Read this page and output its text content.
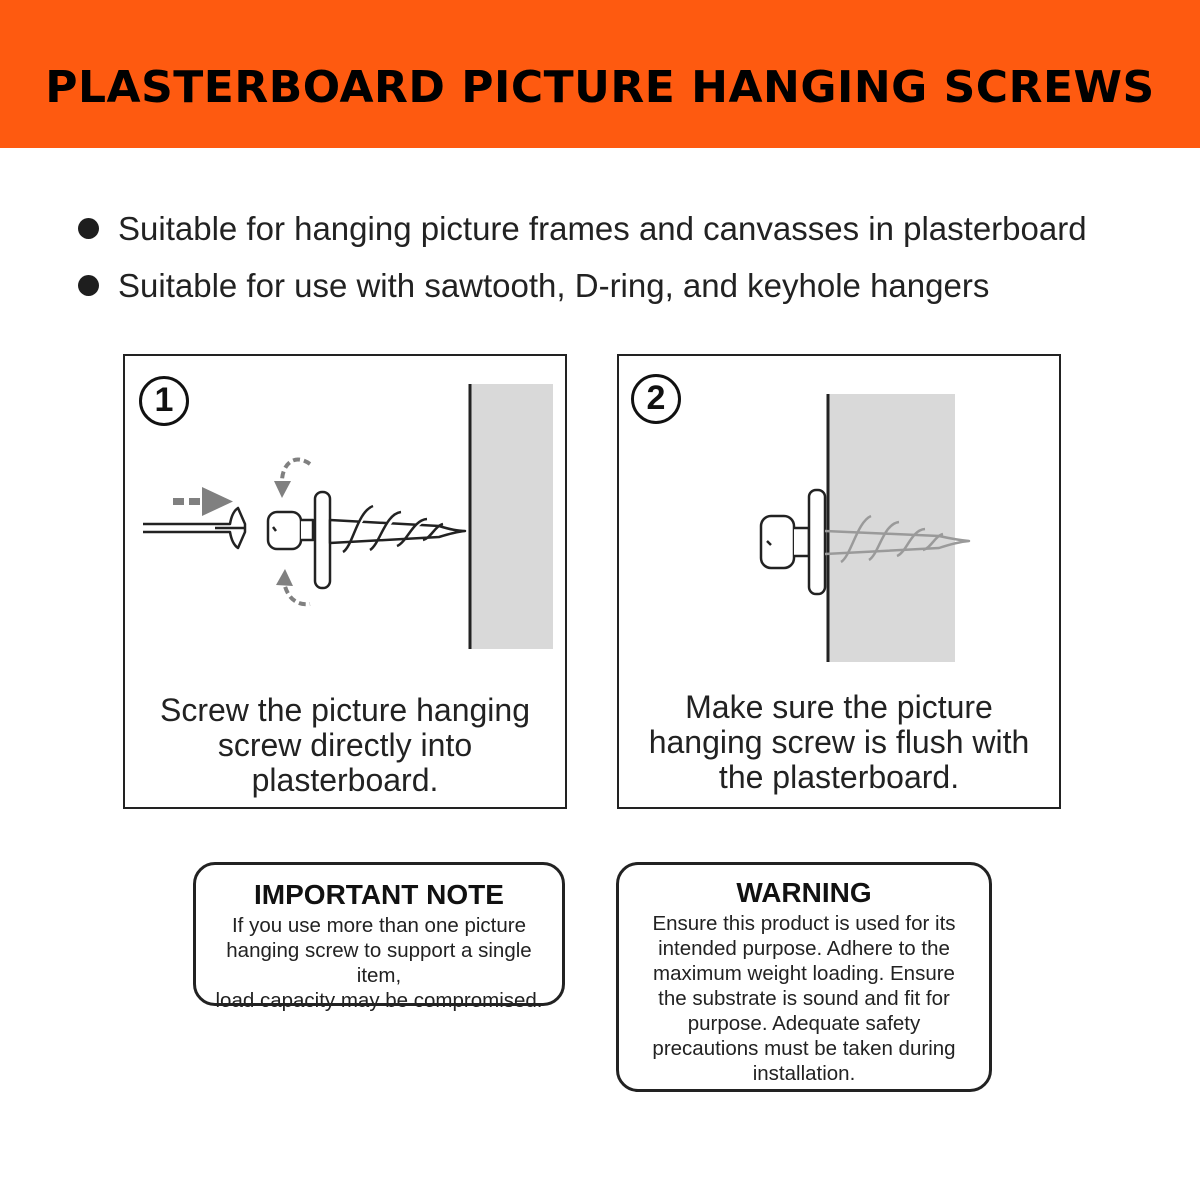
PLASTERBOARD PICTURE HANGING SCREWS
Suitable for hanging picture frames and canvasses in plasterboard
Suitable for use with sawtooth, D-ring, and keyhole hangers
1
Screw the picture hanging
screw directly into
plasterboard.
2
Make sure the picture
hanging screw is flush with
the plasterboard.
IMPORTANT NOTE
If you use more than one picture
hanging screw to support a single item,
load capacity may be compromised.
WARNING
Ensure this product is used for its
intended purpose. Adhere to the
maximum weight loading. Ensure
the substrate is sound and fit for
purpose. Adequate safety
precautions must be taken during
installation.
